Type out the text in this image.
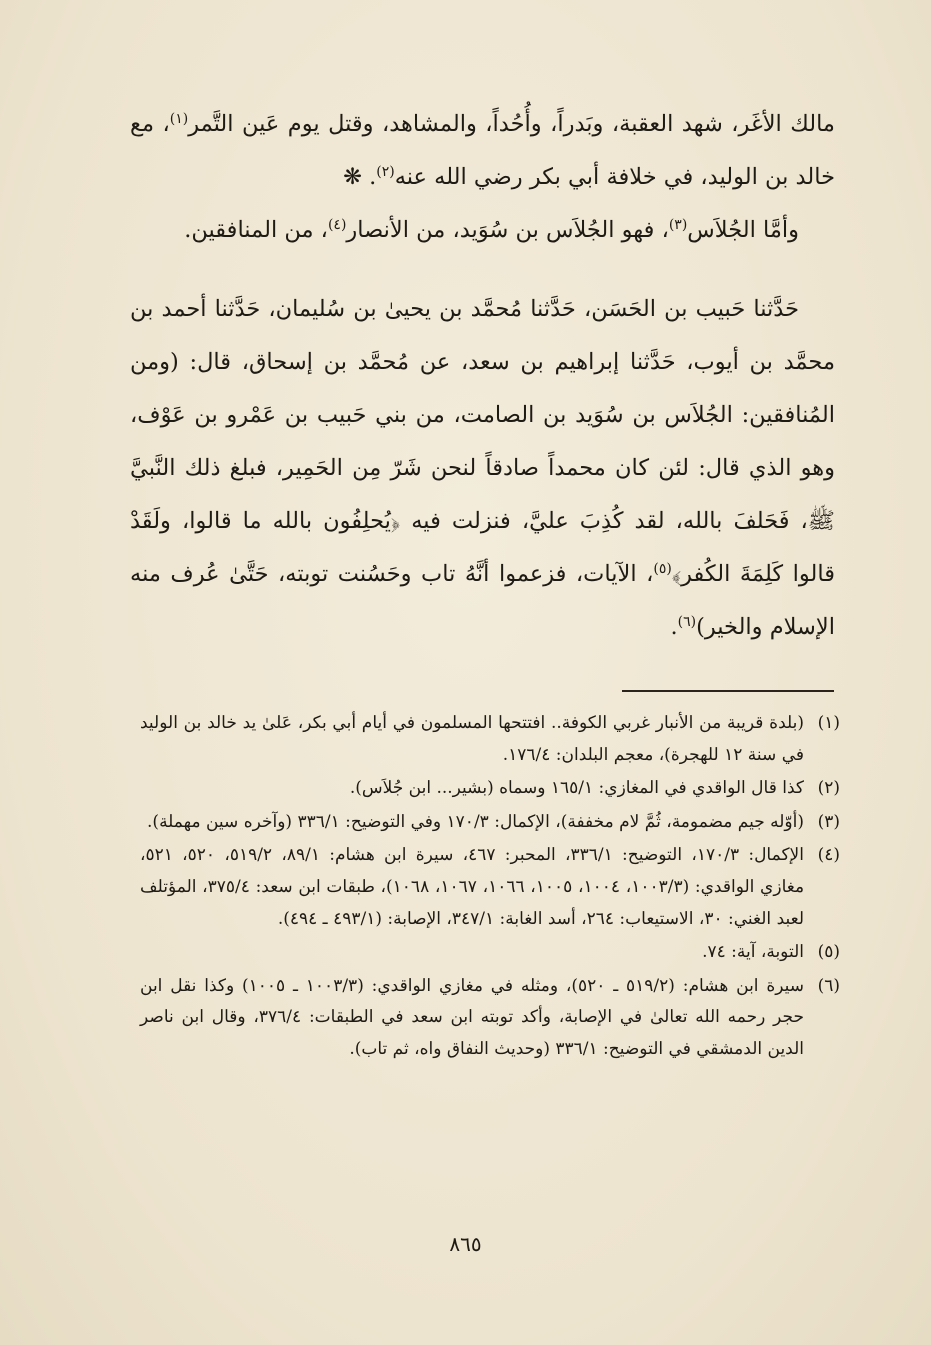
مالك الأغَر، شهد العقبة، وبَدراً، وأُحُداً، والمشاهد، وقتل يوم عَين التَّمر$^{(١)}$، مع خالد بن الوليد، في خلافة أبي بكر رضي الله عنه$^{(٢)}$. ❋

وأمَّا الجُلاَس$^{(٣)}$، فهو الجُلاَس بن سُوَيد، من الأنصار$^{(٤)}$، من المنافقين.

حَدَّثنا حَبيب بن الحَسَن، حَدَّثنا مُحمَّد بن يحيىٰ بن سُليمان، حَدَّثنا أحمد بن محمَّد بن أيوب، حَدَّثنا إبراهيم بن سعد، عن مُحمَّد بن إسحاق، قال: (ومن المُنافقين: الجُلاَس بن سُوَيد بن الصامت، من بني حَبيب بن عَمْرو بن عَوْف، وهو الذي قال: لئن كان محمداً صادقاً لنحن شَرّ مِن الحَمِير، فبلغ ذلك النَّبيَّ ﷺ، فَحَلفَ بالله، لقد كُذِبَ عليَّ، فنزلت فيه ﴿يُحلِفُون بالله ما قالوا، ولَقَدْ قالوا كَلِمَةَ الكُفر﴾$^{(٥)}$، الآيات، فزعموا أنَّهُ تاب وحَسُنت توبته، حَتَّىٰ عُرف منه الإسلام والخير)$^{(٦)}$.

(١)
(بلدة قريبة من الأنبار غربي الكوفة.. افتتحها المسلمون في أيام أبي بكر، عَلىٰ يد خالد بن الوليد في سنة ١٢ للهجرة)، معجم البلدان: ١٧٦/٤.

(٢)
كذا قال الواقدي في المغازي: ١٦٥/١ وسماه (بشير... ابن جُلاَس).

(٣)
(أوّله جيم مضمومة، ثُمَّ لام مخففة)، الإكمال: ١٧٠/٣ وفي التوضيح: ٣٣٦/١ (وآخره سين مهملة).

(٤)
الإكمال: ١٧٠/٣، التوضيح: ٣٣٦/١، المحبر: ٤٦٧، سيرة ابن هشام: ٨٩/١، ٥١٩/٢، ٥٢٠، ٥٢١، مغازي الواقدي: (١٠٠٣/٣، ١٠٠٤، ١٠٠٥، ١٠٦٦، ١٠٦٧، ١٠٦٨)، طبقات ابن سعد: ٣٧٥/٤، المؤتلف لعبد الغني: ٣٠، الاستيعاب: ٢٦٤، أسد الغابة: ٣٤٧/١، الإصابة: (٤٩٣/١ ـ ٤٩٤).

(٥)
التوبة، آية: ٧٤.

(٦)
سيرة ابن هشام: (٥١٩/٢ ـ ٥٢٠)، ومثله في مغازي الواقدي: (١٠٠٣/٣ ـ ١٠٠٥) وكذا نقل ابن حجر رحمه الله تعالىٰ في الإصابة، وأكد توبته ابن سعد في الطبقات: ٣٧٦/٤، وقال ابن ناصر الدين الدمشقي في التوضيح: ٣٣٦/١ (وحديث النفاق واه، ثم تاب).

٨٦٥
